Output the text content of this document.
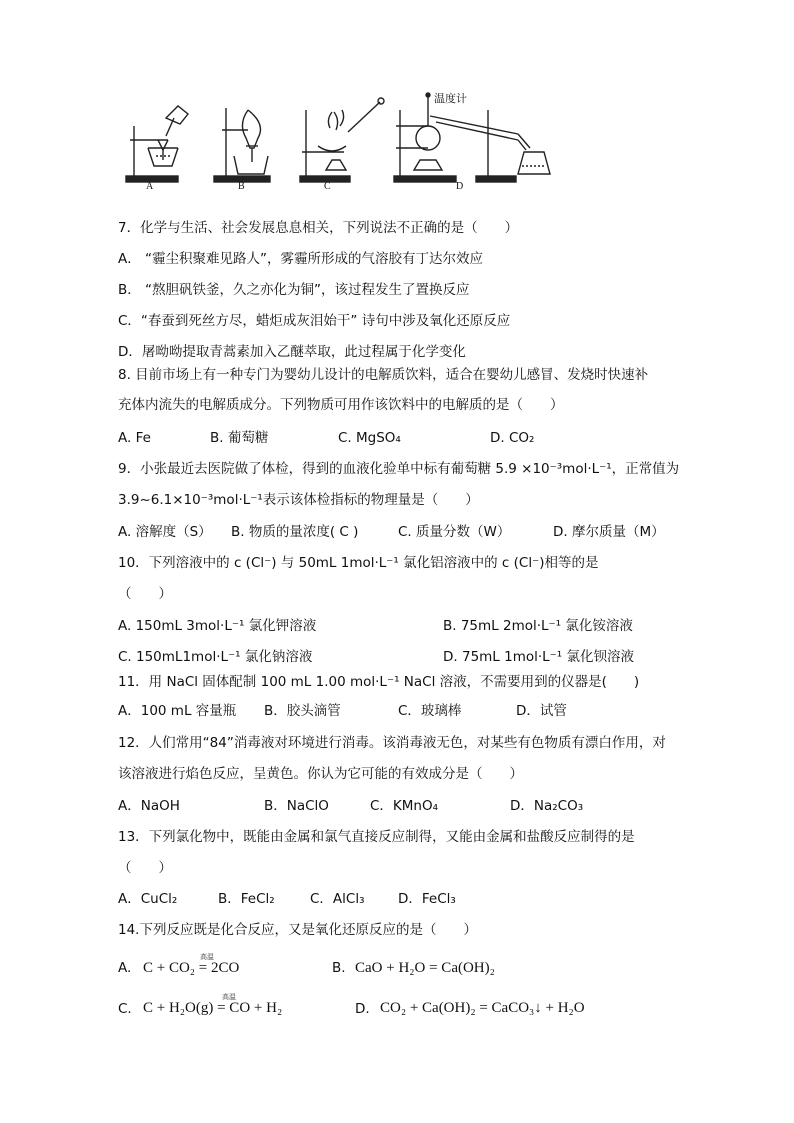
A	B	C	D
温度计
7．化学与生活、社会发展息息相关，下列说法不正确的是（　　）
A． “霾尘积聚难见路人”，雾霾所形成的气溶胶有丁达尔效应
B． “熬胆矾铁釜，久之亦化为铜”，该过程发生了置换反应
C．“春蚕到死丝方尽，蜡炬成灰泪始干” 诗句中涉及氧化还原反应
D．屠呦呦提取青蒿素加入乙醚萃取，此过程属于化学变化
8. 目前市场上有一种专门为婴幼儿设计的电解质饮料，适合在婴幼儿感冒、发烧时快速补
充体内流失的电解质成分。下列物质可用作该饮料中的电解质的是（　　）
A. Fe	B. 葡萄糖	C. MgSO₄	D. CO₂
9．小张最近去医院做了体检，得到的血液化验单中标有葡萄糖 5.9 ×10⁻³mol·L⁻¹，正常值为
3.9~6.1×10⁻³mol·L⁻¹表示该体检指标的物理量是（　　）
A. 溶解度（S） B. 物质的量浓度( C )	C. 质量分数（W）	D. 摩尔质量（M）
10．下列溶液中的 c (Cl⁻) 与 50mL 1mol·L⁻¹ 氯化铝溶液中的 c (Cl⁻)相等的是
（　　）
A. 150mL 3mol·L⁻¹ 氯化钾溶液	B. 75mL 2mol·L⁻¹ 氯化铵溶液
C. 150mL1mol·L⁻¹ 氯化钠溶液	D. 75mL 1mol·L⁻¹ 氯化钡溶液
11．用 NaCl 固体配制 100 mL 1.00 mol·L⁻¹ NaCl 溶液，不需要用到的仪器是(　　)
A．100 mL 容量瓶 B．胶头滴管	C．玻璃棒	D．试管
12．人们常用“84”消毒液对环境进行消毒。该消毒液无色，对某些有色物质有漂白作用，对
该溶液进行焰色反应，呈黄色。你认为它可能的有效成分是（　　）
A．NaOH	B．NaClO	C．KMnO₄	D．Na₂CO₃
13．下列氯化物中，既能由金属和氯气直接反应制得，又能由金属和盐酸反应制得的是
（　　）
A．CuCl₂	B．FeCl₂	C．AlCl₃ D．FeCl₃
14.下列反应既是化合反应，又是氧化还原反应的是（　　）
A.
高温
C + CO₂ = 2CO	B. CaO + H₂O = Ca(OH)₂
C.
高温
C + H₂O(g) = CO + H₂	D. CO₂ + Ca(OH)₂ = CaCO₃↓ + H₂O
